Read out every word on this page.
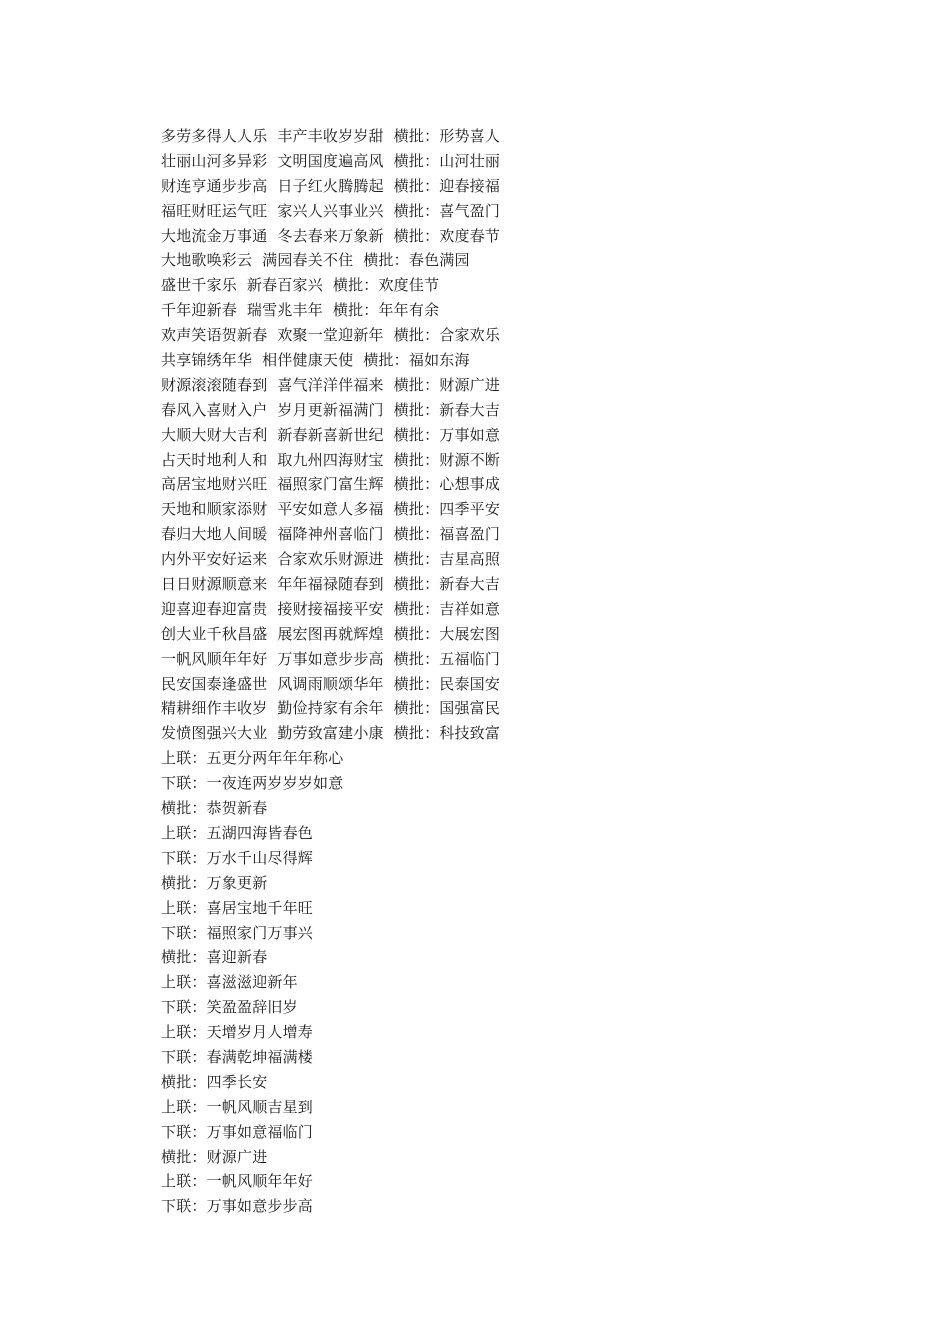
多劳多得人人乐  丰产丰收岁岁甜  横批：形势喜人
壮丽山河多异彩  文明国度遍高风  横批：山河壮丽
财连亨通步步高  日子红火腾腾起  横批：迎春接福
福旺财旺运气旺  家兴人兴事业兴  横批：喜气盈门
大地流金万事通  冬去春来万象新  横批：欢度春节
大地歌唤彩云  满园春关不住  横批：春色满园
盛世千家乐  新春百家兴  横批：欢度佳节
千年迎新春  瑞雪兆丰年  横批：年年有余
欢声笑语贺新春  欢聚一堂迎新年  横批：合家欢乐
共享锦绣年华  相伴健康天使  横批：福如东海
财源滚滚随春到  喜气洋洋伴福来  横批：财源广进
春风入喜财入户  岁月更新福满门  横批：新春大吉
大顺大财大吉利  新春新喜新世纪  横批：万事如意
占天时地利人和  取九州四海财宝  横批：财源不断
高居宝地财兴旺  福照家门富生辉  横批：心想事成
天地和顺家添财  平安如意人多福  横批：四季平安
春归大地人间暖  福降神州喜临门  横批：福喜盈门
内外平安好运来  合家欢乐财源进  横批：吉星高照
日日财源顺意来  年年福禄随春到  横批：新春大吉
迎喜迎春迎富贵  接财接福接平安  横批：吉祥如意
创大业千秋昌盛  展宏图再就辉煌  横批：大展宏图
一帆风顺年年好  万事如意步步高  横批：五福临门
民安国泰逢盛世  风调雨顺颂华年  横批：民泰国安
精耕细作丰收岁  勤俭持家有余年  横批：国强富民
发愤图强兴大业  勤劳致富建小康  横批：科技致富
上联：五更分两年年年称心
下联：一夜连两岁岁岁如意
横批：恭贺新春
上联：五湖四海皆春色
下联：万水千山尽得辉
横批：万象更新
上联：喜居宝地千年旺
下联：福照家门万事兴
横批：喜迎新春
上联：喜滋滋迎新年
下联：笑盈盈辞旧岁
上联：天增岁月人增寿
下联：春满乾坤福满楼
横批：四季长安
上联：一帆风顺吉星到
下联：万事如意福临门
横批：财源广进
上联：一帆风顺年年好
下联：万事如意步步高
